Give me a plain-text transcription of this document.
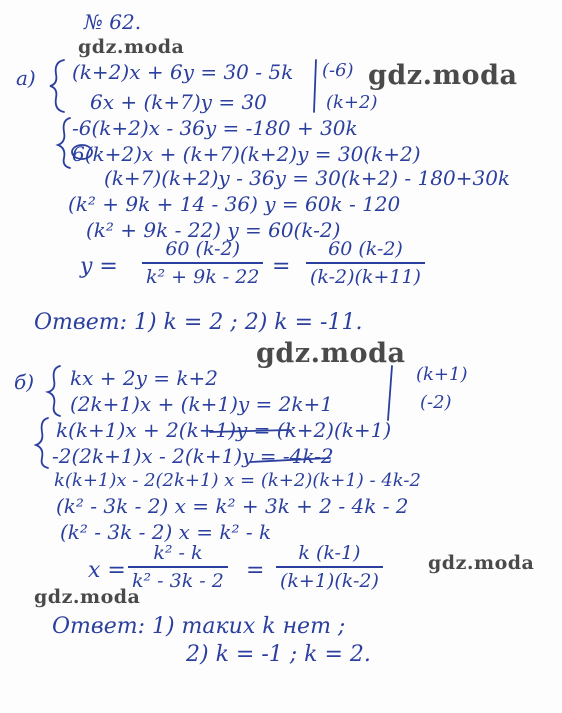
№ 62.
а) (k+2)x + 6y = 30 - 5k
6x + (k+7)y = 30
(-6)
(k+2)
-6(k+2)x - 36y = -180 + 30k
6(k+2)x + (k+7)(k+2)y = 30(k+2)
(k+7)(k+2)y - 36y = 30(k+2) - 180+30k
(k² + 9k + 14 - 36) y = 60k - 120
(k² + 9k - 22) y = 60(k-2)
y =
60 (k-2)
k² + 9k - 22 =
60 (k-2)
(k-2)(k+11)
Ответ: 1) k = 2 ; 2) k = -11.
б) kx + 2y = k+2
(2k+1)x + (k+1)y = 2k+1
(k+1)
(-2)
k(k+1)x + 2(k+1)y = (k+2)(k+1)
-2(2k+1)x - 2(k+1)y = -4k-2
k(k+1)x - 2(2k+1) x = (k+2)(k+1) - 4k-2
(k² - 3k - 2) x = k² + 3k + 2 - 4k - 2
(k² - 3k - 2) x = k² - k
x =
k² - k
k² - 3k - 2 =
k (k-1)
(k+1)(k-2)
Ответ: 1) таких k нет ;
2) k = -1 ; k = 2.
gdz.moda
gdz.moda
gdz.moda
gdz.moda
gdz.moda
